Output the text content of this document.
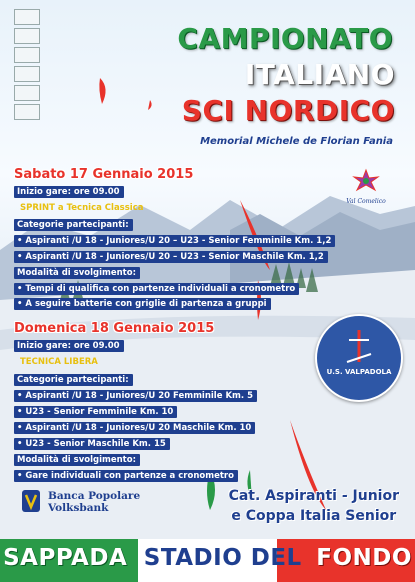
CAMPIONATO
ITALIANO
SCI NORDICO
Memorial Michele de Florian Fania
Val Comelico
Sabato 17 Gennaio 2015
Inizio gare: ore 09.00
SPRINT a Tecnica Classica
Categorie partecipanti:
• Aspiranti /U 18 - Juniores/U 20 – U23 - Senior Femminile Km. 1,2
• Aspiranti /U 18 - Juniores/U 20 – U23 - Senior Maschile Km. 1,2
Modalità di svolgimento:
• Tempi di qualifica con partenze individuali a cronometro
• A seguire batterie con griglie di partenza a gruppi
Domenica 18 Gennaio 2015
Inizio gare: ore 09.00
TECNICA LIBERA
Categorie partecipanti:
• Aspiranti /U 18 - Juniores/U 20 Femminile Km. 5
• U23 - Senior Femminile Km. 10
• Aspiranti /U 18 - Juniores/U 20 Maschile Km. 10
• U23 - Senior Maschile Km. 15
Modalità di svolgimento:
• Gare individuali con partenze a cronometro
U.S. VALPADOLA
Banca Popolare
Volksbank
Cat. Aspiranti - Junior
e Coppa Italia Senior
SAPPADA STADIO DEL FONDO
